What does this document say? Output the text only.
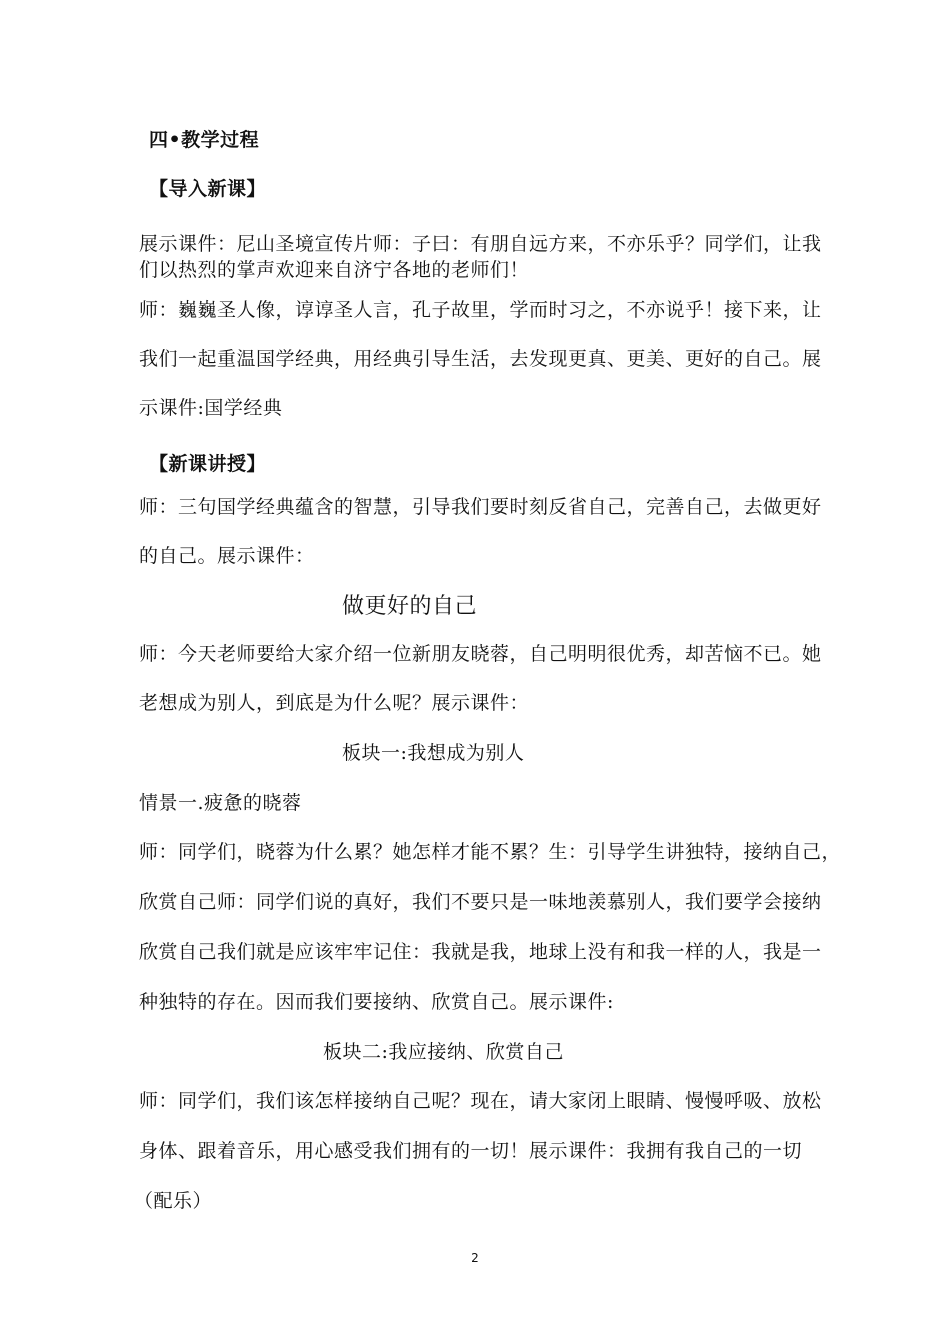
四•教学过程
【导入新课】
展示课件：尼山圣境宣传片师：子曰：有朋自远方来，不亦乐乎？同学们，让我
们以热烈的掌声欢迎来自济宁各地的老师们！
师：巍巍圣人像，谆谆圣人言，孔子故里，学而时习之，不亦说乎！接下来，让
我们一起重温国学经典，用经典引导生活，去发现更真、更美、更好的自己。展
示课件:国学经典
【新课讲授】
师：三句国学经典蕴含的智慧，引导我们要时刻反省自己，完善自己，去做更好
的自己。展示课件：
做更好的自己
师：今天老师要给大家介绍一位新朋友晓蓉，自己明明很优秀，却苦恼不已。她
老想成为别人，到底是为什么呢？展示课件：
板块一:我想成为别人
情景一.疲惫的晓蓉
师：同学们，晓蓉为什么累？她怎样才能不累？生：引导学生讲独特，接纳自己，
欣赏自己师：同学们说的真好，我们不要只是一味地羡慕别人，我们要学会接纳
欣赏自己我们就是应该牢牢记住：我就是我，地球上没有和我一样的人，我是一
种独特的存在。因而我们要接纳、欣赏自己。展示课件:
板块二:我应接纳、欣赏自己
师：同学们，我们该怎样接纳自己呢？现在，请大家闭上眼睛、慢慢呼吸、放松
身体、跟着音乐，用心感受我们拥有的一切！展示课件：我拥有我自己的一切
（配乐）
2
